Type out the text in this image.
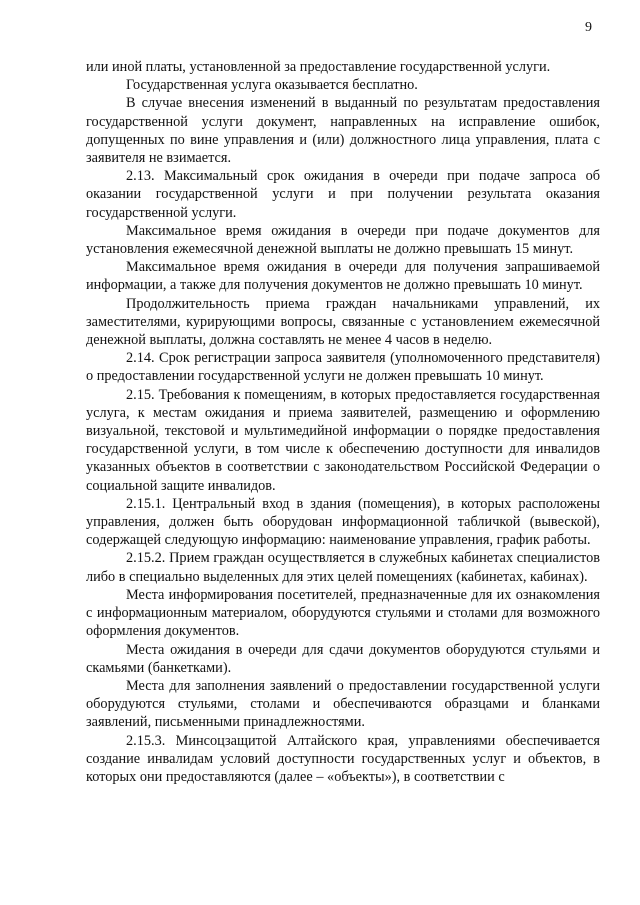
9

или иной платы, установленной за предоставление государственной услуги.

Государственная услуга оказывается бесплатно.

В случае внесения изменений в выданный по результатам предоставления государственной услуги документ, направленных на исправление ошибок, допущенных по вине управления и (или) должностного лица управления, плата с заявителя не взимается.

2.13. Максимальный срок ожидания в очереди при подаче запроса об оказании государственной услуги и при получении результата оказания государственной услуги.

Максимальное время ожидания в очереди при подаче документов для установления ежемесячной денежной выплаты не должно превышать 15 минут.

Максимальное время ожидания в очереди для получения запрашиваемой информации, а также для получения документов не должно превышать 10 минут.

Продолжительность приема граждан начальниками управлений, их заместителями, курирующими вопросы, связанные с установлением ежемесячной денежной выплаты, должна составлять не менее 4 часов в неделю.

2.14. Срок регистрации запроса заявителя (уполномоченного представителя) о предоставлении государственной услуги не должен превышать 10 минут.

2.15. Требования к помещениям, в которых предоставляется государственная услуга, к местам ожидания и приема заявителей, размещению и оформлению визуальной, текстовой и мультимедийной информации о порядке предоставления государственной услуги, в том числе к обеспечению доступности для инвалидов указанных объектов в соответствии с законодательством Российской Федерации о социальной защите инвалидов.

2.15.1. Центральный вход в здания (помещения), в которых расположены управления, должен быть оборудован информационной табличкой (вывеской), содержащей следующую информацию: наименование управления, график работы.

2.15.2. Прием граждан осуществляется в служебных кабинетах специалистов либо в специально выделенных для этих целей помещениях (кабинетах, кабинах).

Места информирования посетителей, предназначенные для их ознакомления с информационным материалом, оборудуются стульями и столами для возможного оформления документов.

Места ожидания в очереди для сдачи документов оборудуются стульями и скамьями (банкетками).

Места для заполнения заявлений о предоставлении государственной услуги оборудуются стульями, столами и обеспечиваются образцами и бланками заявлений, письменными принадлежностями.

2.15.3. Минсоцзащитой Алтайского края, управлениями обеспечивается создание инвалидам условий доступности государственных услуг и объектов, в которых они предоставляются (далее – «объекты»), в соответствии с
